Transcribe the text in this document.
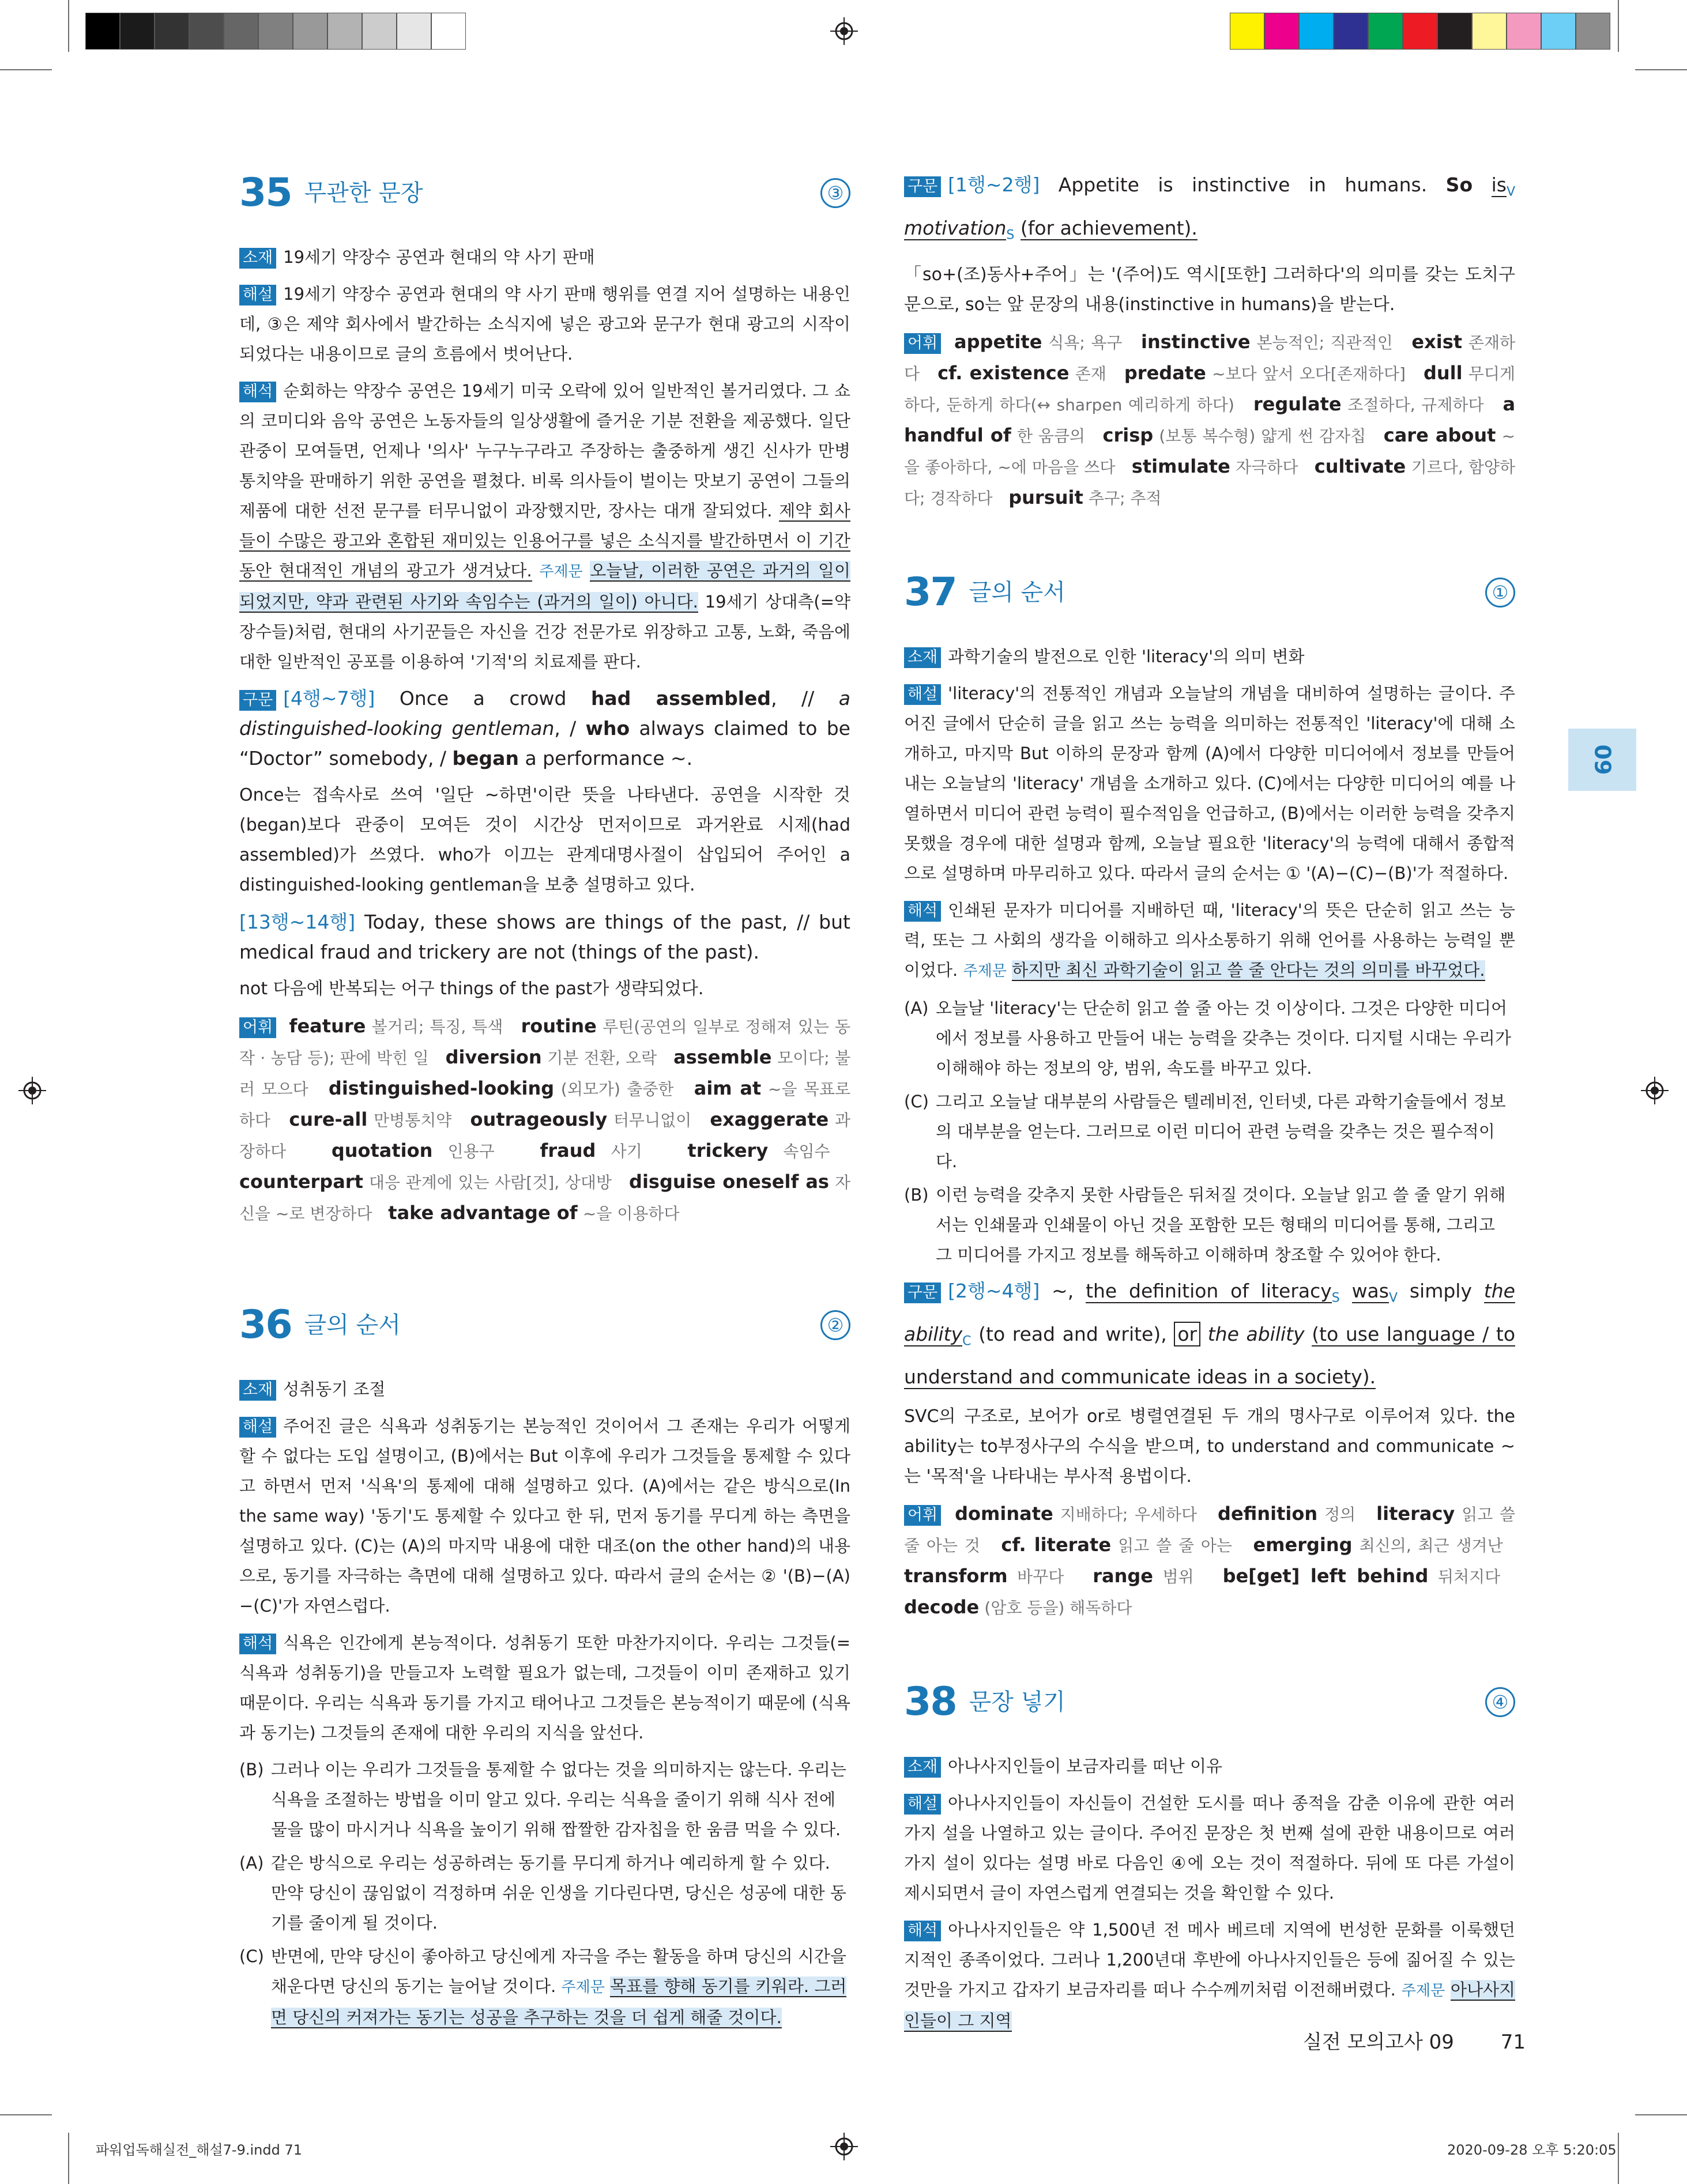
09
35 무관한 문장	③

소재 19세기 약장수 공연과 현대의 약 사기 판매

해설 19세기 약장수 공연과 현대의 약 사기 판매 행위를 연결 지어 설명하는 내용인데, ③은 제약 회사에서 발간하는 소식지에 넣은 광고와 문구가 현대 광고의 시작이 되었다는 내용이므로 글의 흐름에서 벗어난다.

해석 순회하는 약장수 공연은 19세기 미국 오락에 있어 일반적인 볼거리였다. 그 쇼의 코미디와 음악 공연은 노동자들의 일상생활에 즐거운 기분 전환을 제공했다. 일단 관중이 모여들면, 언제나 '의사' 누구누구라고 주장하는 출중하게 생긴 신사가 만병통치약을 판매하기 위한 공연을 펼쳤다. 비록 의사들이 벌이는 맛보기 공연이 그들의 제품에 대한 선전 문구를 터무니없이 과장했지만, 장사는 대개 잘되었다. 제약 회사들이 수많은 광고와 혼합된 재미있는 인용어구를 넣은 소식지를 발간하면서 이 기간 동안 현대적인 개념의 광고가 생겨났다. 주제문 오늘날, 이러한 공연은 과거의 일이 되었지만, 약과 관련된 사기와 속임수는 (과거의 일이) 아니다. 19세기 상대측(=약장수들)처럼, 현대의 사기꾼들은 자신을 건강 전문가로 위장하고 고통, 노화, 죽음에 대한 일반적인 공포를 이용하여 '기적'의 치료제를 판다.

구문 [4행~7행] Once a crowd had assembled, // a distinguished-looking gentleman, / who always claimed to be “Doctor” somebody, / began a performance ~.

Once는 접속사로 쓰여 '일단 ~하면'이란 뜻을 나타낸다. 공연을 시작한 것(began)보다 관중이 모여든 것이 시간상 먼저이므로 과거완료 시제(had assembled)가 쓰였다. who가 이끄는 관계대명사절이 삽입되어 주어인 a distinguished-looking gentleman을 보충 설명하고 있다.

[13행~14행] Today, these shows are things of the past, // but medical fraud and trickery are not (things of the past).

not 다음에 반복되는 어구 things of the past가 생략되었다.

어휘 feature 볼거리; 특징, 특색 routine 루틴(공연의 일부로 정해져 있는 동작 · 농담 등); 판에 박힌 일 diversion 기분 전환, 오락 assemble 모이다; 불러 모으다 distinguished-looking (외모가) 출중한 aim at ~을 목표로 하다 cure-all 만병통치약 outrageously 터무니없이 exaggerate 과장하다 quotation 인용구 fraud 사기 trickery 속임수   counterpart 대응 관계에 있는 사람[것], 상대방 disguise oneself as 자신을 ~로 변장하다 take advantage of ~을 이용하다

36 글의 순서	②

소재 성취동기 조절

해설 주어진 글은 식욕과 성취동기는 본능적인 것이어서 그 존재는 우리가 어떻게 할 수 없다는 도입 설명이고, (B)에서는 But 이후에 우리가 그것들을 통제할 수 있다고 하면서 먼저 '식욕'의 통제에 대해 설명하고 있다. (A)에서는 같은 방식으로(In the same way) '동기'도 통제할 수 있다고 한 뒤, 먼저 동기를 무디게 하는 측면을 설명하고 있다. (C)는 (A)의 마지막 내용에 대한 대조(on the other hand)의 내용으로, 동기를 자극하는 측면에 대해 설명하고 있다. 따라서 글의 순서는 ② '(B)−(A)−(C)'가 자연스럽다.

해석 식욕은 인간에게 본능적이다. 성취동기 또한 마찬가지이다. 우리는 그것들(=식욕과 성취동기)을 만들고자 노력할 필요가 없는데, 그것들이 이미 존재하고 있기 때문이다. 우리는 식욕과 동기를 가지고 태어나고 그것들은 본능적이기 때문에 (식욕과 동기는) 그것들의 존재에 대한 우리의 지식을 앞선다.

(B) 그러나 이는 우리가 그것들을 통제할 수 없다는 것을 의미하지는 않는다. 우리는 식욕을 조절하는 방법을 이미 알고 있다. 우리는 식욕을 줄이기 위해 식사 전에 물을 많이 마시거나 식욕을 높이기 위해 짭짤한 감자칩을 한 움큼 먹을 수 있다.
(A) 같은 방식으로 우리는 성공하려는 동기를 무디게 하거나 예리하게 할 수 있다. 만약 당신이 끊임없이 걱정하며 쉬운 인생을 기다린다면, 당신은 성공에 대한 동기를 줄이게 될 것이다.
(C) 반면에, 만약 당신이 좋아하고 당신에게 자극을 주는 활동을 하며 당신의 시간을 채운다면 당신의 동기는 늘어날 것이다. 주제문 목표를 향해 동기를 키워라. 그러면 당신의 커져가는 동기는 성공을 추구하는 것을 더 쉽게 해줄 것이다.

구문 [1행~2행] Appetite is instinctive in humans. So $is_V$ motivation$_S$ (for achievement).

「so+(조)동사+주어」는 '(주어)도 역시[또한] 그러하다'의 의미를 갖는 도치구문으로, so는 앞 문장의 내용(instinctive in humans)을 받는다.

어휘 appetite 식욕; 욕구 instinctive 본능적인; 직관적인 exist 존재하다 cf. existence 존재 predate ~보다 앞서 오다[존재하다] dull 무디게 하다, 둔하게 하다(↔ sharpen 예리하게 하다) regulate 조절하다, 규제하다 a handful of 한 움큼의 crisp (보통 복수형) 얇게 썬 감자칩 care about ~을 좋아하다, ~에 마음을 쓰다 stimulate 자극하다 cultivate 기르다, 함양하다; 경작하다 pursuit 추구; 추적

37 글의 순서	①

소재 과학기술의 발전으로 인한 'literacy'의 의미 변화

해설 'literacy'의 전통적인 개념과 오늘날의 개념을 대비하여 설명하는 글이다. 주어진 글에서 단순히 글을 읽고 쓰는 능력을 의미하는 전통적인 'literacy'에 대해 소개하고, 마지막 But 이하의 문장과 함께 (A)에서 다양한 미디어에서 정보를 만들어내는 오늘날의 'literacy' 개념을 소개하고 있다. (C)에서는 다양한 미디어의 예를 나열하면서 미디어 관련 능력이 필수적임을 언급하고, (B)에서는 이러한 능력을 갖추지 못했을 경우에 대한 설명과 함께, 오늘날 필요한 'literacy'의 능력에 대해서 종합적으로 설명하며 마무리하고 있다. 따라서 글의 순서는 ① '(A)−(C)−(B)'가 적절하다.

해석 인쇄된 문자가 미디어를 지배하던 때, 'literacy'의 뜻은 단순히 읽고 쓰는 능력, 또는 그 사회의 생각을 이해하고 의사소통하기 위해 언어를 사용하는 능력일 뿐이었다. 주제문 하지만 최신 과학기술이 읽고 쓸 줄 안다는 것의 의미를 바꾸었다.

(A) 오늘날 'literacy'는 단순히 읽고 쓸 줄 아는 것 이상이다. 그것은 다양한 미디어에서 정보를 사용하고 만들어 내는 능력을 갖추는 것이다. 디지털 시대는 우리가 이해해야 하는 정보의 양, 범위, 속도를 바꾸고 있다.
(C) 그리고 오늘날 대부분의 사람들은 텔레비전, 인터넷, 다른 과학기술들에서 정보의 대부분을 얻는다. 그러므로 이런 미디어 관련 능력을 갖추는 것은 필수적이다.
(B) 이런 능력을 갖추지 못한 사람들은 뒤처질 것이다. 오늘날 읽고 쓸 줄 알기 위해서는 인쇄물과 인쇄물이 아닌 것을 포함한 모든 형태의 미디어를 통해, 그리고 그 미디어를 가지고 정보를 해독하고 이해하며 창조할 수 있어야 한다.

구문 [2행~4행] ~, the definition of literacy$_S$ was$_V$ simply the ability$_C$ (to read and write), or the ability (to use language / to understand and communicate ideas in a society).

SVC의 구조로, 보어가 or로 병렬연결된 두 개의 명사구로 이루어져 있다. the ability는 to부정사구의 수식을 받으며, to understand and communicate ~는 '목적'을 나타내는 부사적 용법이다.

어휘 dominate 지배하다; 우세하다 definition 정의 literacy 읽고 쓸 줄 아는 것 cf. literate 읽고 쓸 줄 아는 emerging 최신의, 최근 생겨난   transform 바꾸다 range 범위 be[get] left behind 뒤처지다   decode (암호 등을) 해독하다

38 문장 넣기	④

소재 아나사지인들이 보금자리를 떠난 이유

해설 아나사지인들이 자신들이 건설한 도시를 떠나 종적을 감춘 이유에 관한 여러 가지 설을 나열하고 있는 글이다. 주어진 문장은 첫 번째 설에 관한 내용이므로 여러 가지 설이 있다는 설명 바로 다음인 ④에 오는 것이 적절하다. 뒤에 또 다른 가설이 제시되면서 글이 자연스럽게 연결되는 것을 확인할 수 있다.

해석 아나사지인들은 약 1,500년 전 메사 베르데 지역에 번성한 문화를 이룩했던 지적인 종족이었다. 그러나 1,200년대 후반에 아나사지인들은 등에 짊어질 수 있는 것만을 가지고 갑자기 보금자리를 떠나 수수께끼처럼 이전해버렸다. 주제문 아나사지인들이 그 지역

실전 모의고사 09 71
파워업독해실전_해설7-9.indd 71	2020-09-28 오후 5:20:05
